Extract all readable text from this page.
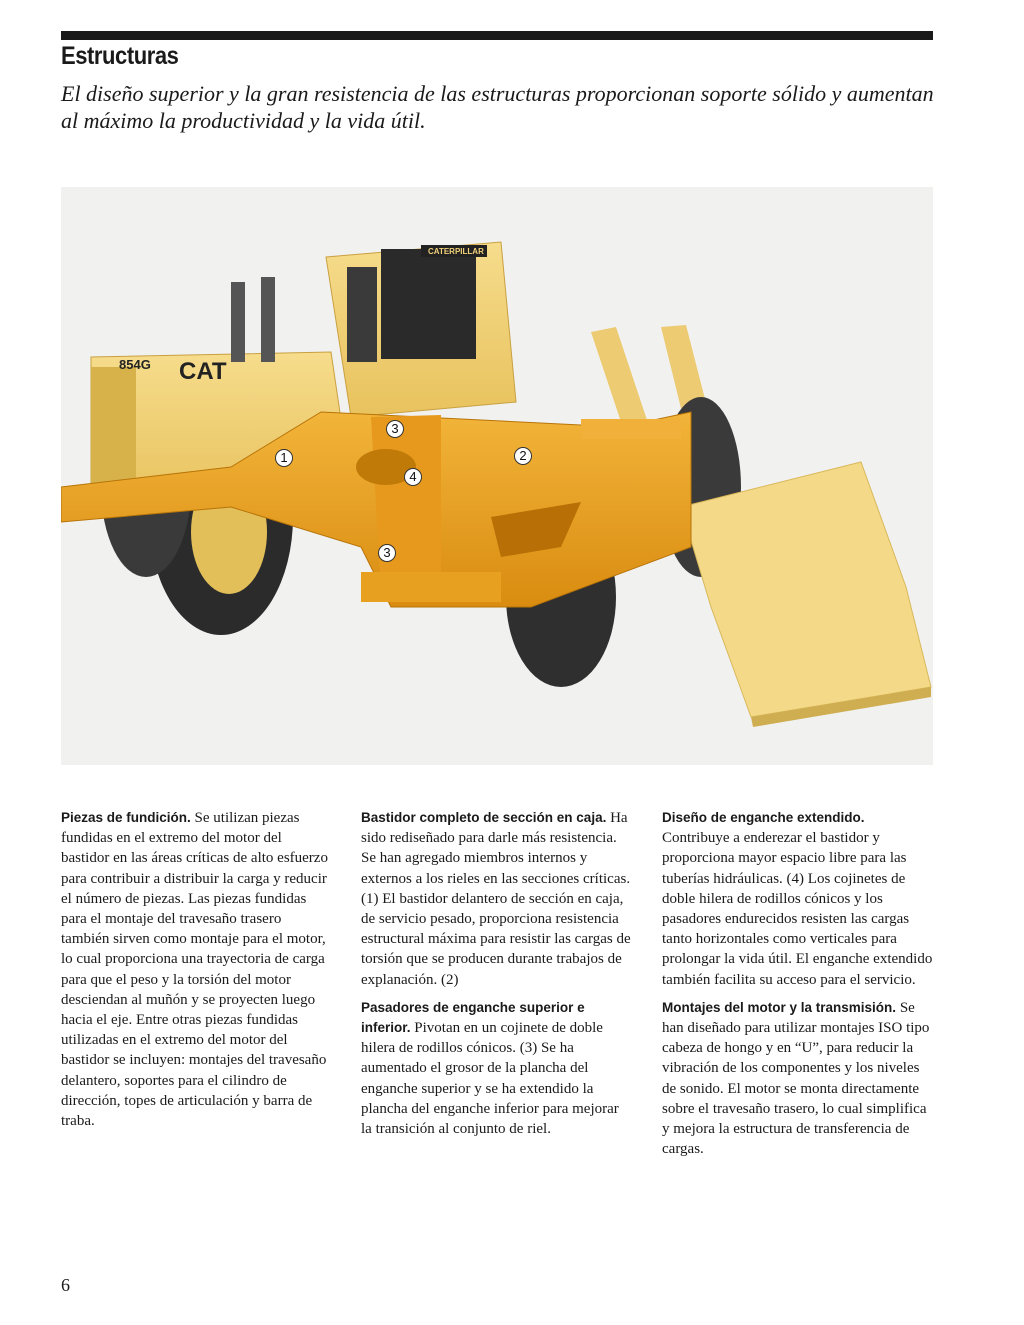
Estructuras

El diseño superior y la gran resistencia de las estructuras proporcionan soporte sólido y aumentan al máximo la productividad y la vida útil.

854G CAT
CATERPILLAR
1	2
3
4
3

Piezas de fundición. Se utilizan piezas fundidas en el extremo del motor del bastidor en las áreas críticas de alto esfuerzo para contribuir a distribuir la carga y reducir el número de piezas. Las piezas fundidas para el montaje del travesaño trasero también sirven como montaje para el motor, lo cual proporciona una trayectoria de carga para que el peso y la torsión del motor desciendan al muñón y se proyecten luego hacia el eje. Entre otras piezas fundidas utilizadas en el extremo del motor del bastidor se incluyen: montajes del travesaño delantero, soportes para el cilindro de dirección, topes de articulación y barra de traba.

Bastidor completo de sección en caja. Ha sido rediseñado para darle más resistencia. Se han agregado miembros internos y externos a los rieles en las secciones críticas. (1) El bastidor delantero de sección en caja, de servicio pesado, proporciona resistencia estructural máxima para resistir las cargas de torsión que se producen durante trabajos de explanación. (2)

Pasadores de enganche superior e inferior. Pivotan en un cojinete de doble hilera de rodillos cónicos. (3) Se ha aumentado el grosor de la plancha del enganche superior y se ha extendido la plancha del enganche inferior para mejorar la transición al conjunto de riel.

Diseño de enganche extendido. Contribuye a enderezar el bastidor y proporciona mayor espacio libre para las tuberías hidráulicas. (4) Los cojinetes de doble hilera de rodillos cónicos y los pasadores endurecidos resisten las cargas tanto horizontales como verticales para prolongar la vida útil. El enganche extendido también facilita su acceso para el servicio.

Montajes del motor y la transmisión. Se han diseñado para utilizar montajes ISO tipo cabeza de hongo y en “U”, para reducir la vibración de los componentes y los niveles de sonido. El motor se monta directamente sobre el travesaño trasero, lo cual simplifica y mejora la estructura de transferencia de cargas.

6
